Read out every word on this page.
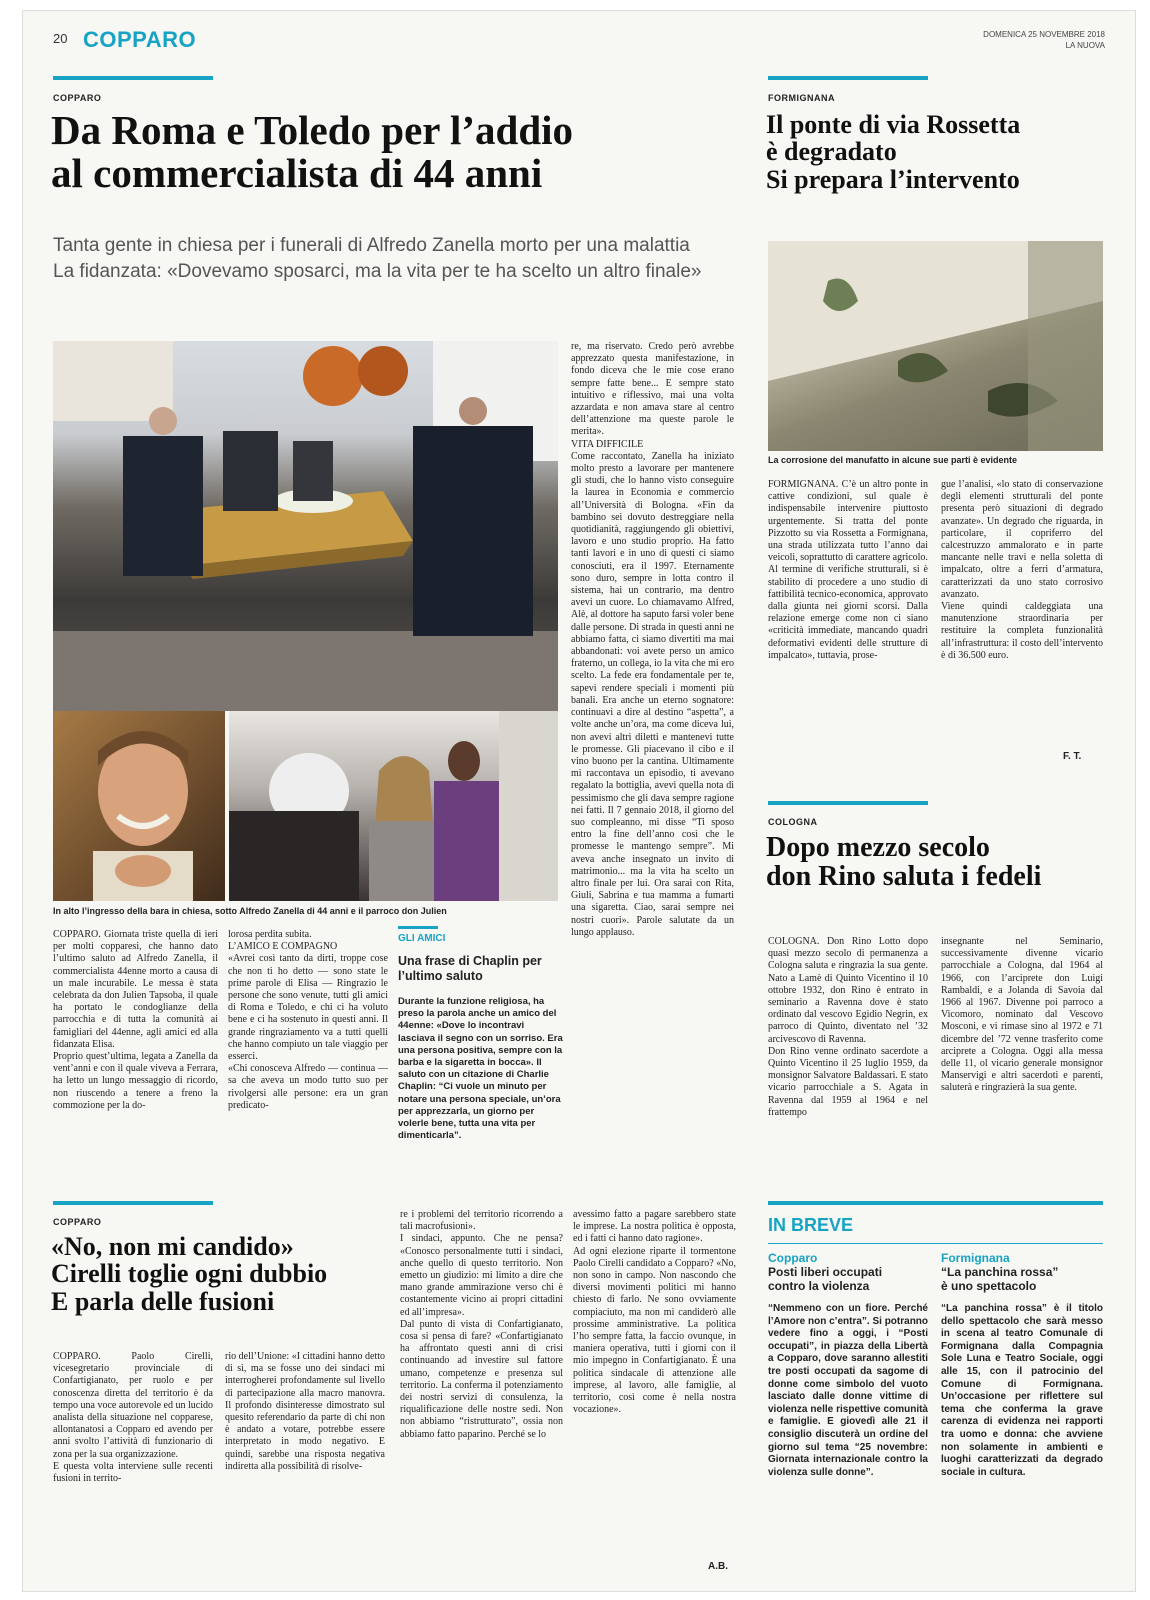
20 COPPARO	DOMENICA 25 NOVEMBRE 2018
LA NUOVA
COPPARO
Da Roma e Toledo per l’addio
al commercialista di 44 anni
Tanta gente in chiesa per i funerali di Alfredo Zanella morto per una malattia
La fidanzata: «Dovevamo sposarci, ma la vita per te ha scelto un altro finale»
In alto l’ingresso della bara in chiesa, sotto Alfredo Zanella di 44 anni e il parroco don Julien
COPPARO. Giornata triste quella di ieri per molti copparesi, che hanno dato l’ultimo saluto ad Alfredo Zanella, il commercialista 44enne morto a causa di un male incurabile. Le messa è stata celebrata da don Julien Tapsoba, il quale ha portato le condoglianze della parrocchia e di tutta la comunità ai famigliari del 44enne, agli amici ed alla fidanzata Elisa.
Proprio quest’ultima, legata a Zanella da vent’anni e con il quale viveva a Ferrara, ha letto un lungo messaggio di ricordo, non riuscendo a tenere a freno la commozione per la do-
lorosa perdita subita.
L’AMICO E COMPAGNO
«Avrei così tanto da dirti, troppe cose che non ti ho detto — sono state le prime parole di Elisa — Ringrazio le persone che sono venute, tutti gli amici di Roma e Toledo, e chi ci ha voluto bene e ci ha sostenuto in questi anni. Il grande ringraziamento va a tutti quelli che hanno compiuto un tale viaggio per esserci.
«Chi conosceva Alfredo — continua — sa che aveva un modo tutto suo per rivolgersi alle persone: era un gran predicato-
GLI AMICI
Una frase di Chaplin per l’ultimo saluto
Durante la funzione religiosa, ha preso la parola anche un amico del 44enne: «Dove lo incontravi lasciava il segno con un sorriso. Era una persona positiva, sempre con la barba e la sigaretta in bocca». Il saluto con un citazione di Charlie Chaplin: “Ci vuole un minuto per notare una persona speciale, un’ora per apprezzarla, un giorno per volerle bene, tutta una vita per dimenticarla”.
re, ma riservato. Credo però avrebbe apprezzato questa manifestazione, in fondo diceva che le mie cose erano sempre fatte bene... E sempre stato intuitivo e riflessivo, mai una volta azzardata e non amava stare al centro dell’attenzione ma queste parole le merita».
VITA DIFFICILE
Come raccontato, Zanella ha iniziato molto presto a lavorare per mantenere gli studi, che lo hanno visto conseguire la laurea in Economia e commercio all’Università di Bologna. «Fin da bambino sei dovuto destreggiare nella quotidianità, raggiungendo gli obiettivi, lavoro e uno studio proprio. Ha fatto tanti lavori e in uno di questi ci siamo conosciuti, era il 1997. Eternamente sono duro, sempre in lotta contro il sistema, hai un contrario, ma dentro avevi un cuore. Lo chiamavamo Alfred, Alè, al dottore ha saputo farsi voler bene dalle persone. Di strada in questi anni ne abbiamo fatta, ci siamo divertiti ma mai abbandonati: voi avete perso un amico fraterno, un collega, io la vita che mi ero scelto. La fede era fondamentale per te, sapevi rendere speciali i momenti più banali. Era anche un eterno sognatore: continuavi a dire al destino “aspetta”, a volte anche un’ora, ma come diceva lui, non avevi altri diletti e mantenevi tutte le promesse. Gli piacevano il cibo e il vino buono per la cantina. Ultimamente mi raccontava un episodio, ti avevano regalato la bottiglia, avevi quella nota di pessimismo che gli dava sempre ragione nei fatti. Il 7 gennaio 2018, il giorno del suo compleanno, mi disse “Ti sposo entro la fine dell’anno così che le promesse le mantengo sempre”. Mi aveva anche insegnato un invito di matrimonio... ma la vita ha scelto un altro finale per lui. Ora sarai con Rita, Giuli, Sabrina e tua mamma a fumarti una sigaretta. Ciao, sarai sempre nei nostri cuori». Parole salutate da un lungo applauso.
FORMIGNANA
Il ponte di via Rossetta
è degradato
Si prepara l’intervento
La corrosione del manufatto in alcune sue parti è evidente
FORMIGNANA. C’è un altro ponte in cattive condizioni, sul quale è indispensabile intervenire piuttosto urgentemente. Si tratta del ponte Pizzotto su via Rossetta a Formignana, una strada utilizzata tutto l’anno dai veicoli, soprattutto di carattere agricolo.
Al termine di verifiche strutturali, si è stabilito di procedere a uno studio di fattibilità tecnico-economica, approvato dalla giunta nei giorni scorsi. Dalla relazione emerge come non ci siano «criticità immediate, mancando quadri deformativi evidenti delle strutture di impalcato», tuttavia, prose-
gue l’analisi, «lo stato di conservazione degli elementi strutturali del ponte presenta però situazioni di degrado avanzate». Un degrado che riguarda, in particolare, il copriferro del calcestruzzo ammalorato e in parte mancante nelle travi e nella soletta di impalcato, oltre a ferri d’armatura, caratterizzati da uno stato corrosivo avanzato.
Viene quindi caldeggiata una manutenzione straordinaria per restituire la completa funzionalità all’infrastruttura: il costo dell’intervento è di 36.500 euro.
F. T.
COLOGNA
Dopo mezzo secolo
don Rino saluta i fedeli
COLOGNA. Don Rino Lotto dopo quasi mezzo secolo di permanenza a Cologna saluta e ringrazia la sua gente. Nato a Lamè di Quinto Vicentino il 10 ottobre 1932, don Rino è entrato in seminario a Ravenna dove è stato ordinato dal vescovo Egidio Negrin, ex parroco di Quinto, diventato nel ’32 arcivescovo di Ravenna.
Don Rino venne ordinato sacerdote a Quinto Vicentino il 25 luglio 1959, da monsignor Salvatore Baldassari. E stato vicario parrocchiale a S. Agata in Ravenna dal 1959 al 1964 e nel frattempo
insegnante nel Seminario, successivamente divenne vicario parrocchiale a Cologna, dal 1964 al 1966, con l’arciprete don Luigi Rambaldi, e a Jolanda di Savoia dal 1966 al 1967. Divenne poi parroco a Vicomoro, nominato dal Vescovo Mosconi, e vi rimase sino al 1972 e 71 dicembre del ’72 venne trasferito come arciprete a Cologna. Oggi alla messa delle 11, ol vicario generale monsignor Manservigi e altri sacerdoti e parenti, saluterà e ringrazierà la sua gente.
COPPARO
«No, non mi candido»
Cirelli toglie ogni dubbio
E parla delle fusioni
COPPARO. Paolo Cirelli, vicesegretario provinciale di Confartigianato, per ruolo e per conoscenza diretta del territorio è da tempo una voce autorevole ed un lucido analista della situazione nel copparese, allontanatosi a Copparo ed avendo per anni svolto l’attività di funzionario di zona per la sua organizzazione.
E questa volta interviene sulle recenti fusioni in territo-
rio dell’Unione: «I cittadini hanno detto di sì, ma se fosse uno dei sindaci mi interrogherei profondamente sul livello di partecipazione alla macro manovra. Il profondo disinteresse dimostrato sul quesito referendario da parte di chi non è andato a votare, potrebbe essere interpretato in modo negativo. E quindi, sarebbe una risposta negativa indiretta alla possibilità di risolve-
re i problemi del territorio ricorrendo a tali macrofusioni».
I sindaci, appunto. Che ne pensa? «Conosco personalmente tutti i sindaci, anche quello di questo territorio. Non emetto un giudizio: mi limito a dire che mano grande ammirazione verso chi è costantemente vicino ai propri cittadini ed all’impresa».
Dal punto di vista di Confartigianato, cosa si pensa di fare? «Confartigianato ha affrontato questi anni di crisi continuando ad investire sul fattore umano, competenze e presenza sul territorio. La conferma il potenziamento dei nostri servizi di consulenza, la riqualificazione delle nostre sedi. Non non abbiamo “ristrutturato”, ossia non abbiamo fatto paparino. Perché se lo
avessimo fatto a pagare sarebbero state le imprese. La nostra politica è opposta, ed i fatti ci hanno dato ragione».
Ad ogni elezione riparte il tormentone Paolo Cirelli candidato a Copparo? «No, non sono in campo. Non nascondo che diversi movimenti politici mi hanno chiesto di farlo. Ne sono ovviamente compiaciuto, ma non mi candiderò alle prossime amministrative. La politica l’ho sempre fatta, la faccio ovunque, in maniera operativa, tutti i giorni con il mio impegno in Confartigianato. È una politica sindacale di attenzione alle imprese, al lavoro, alle famiglie, al territorio, così come è nella nostra vocazione».
A.B.
IN BREVE
Copparo
Posti liberi occupati
contro la violenza
“Nemmeno con un fiore. Perché l’Amore non c’entra”. Si potranno vedere fino a oggi, i “Posti occupati”, in piazza della Libertà a Copparo, dove saranno allestiti tre posti occupati da sagome di donne come simbolo del vuoto lasciato dalle donne vittime di violenza nelle rispettive comunità e famiglie. E giovedì alle 21 il consiglio discuterà un ordine del giorno sul tema “25 novembre: Giornata internazionale contro la violenza sulle donne”.
Formignana
“La panchina rossa”
è uno spettacolo
“La panchina rossa” è il titolo dello spettacolo che sarà messo in scena al teatro Comunale di Formignana dalla Compagnia Sole Luna e Teatro Sociale, oggi alle 15, con il patrocinio del Comune di Formignana. Un’occasione per riflettere sul tema che conferma la grave carenza di evidenza nei rapporti tra uomo e donna: che avviene non solamente in ambienti e luoghi caratterizzati da degrado sociale in cultura.
